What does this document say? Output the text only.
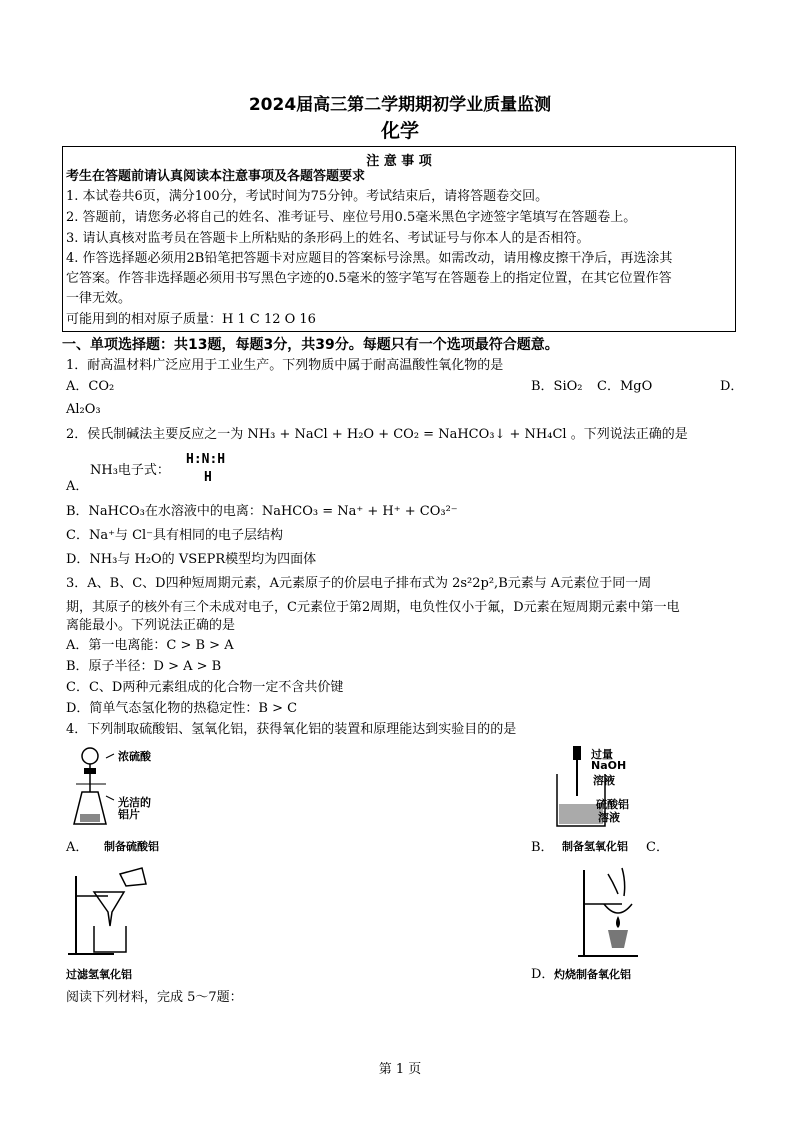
2024届高三第二学期期初学业质量监测
化学
注 意 事 项
考生在答题前请认真阅读本注意事项及各题答题要求
1. 本试卷共6页，满分100分，考试时间为75分钟。考试结束后，请将答题卷交回。
2. 答题前，请您务必将自己的姓名、准考证号、座位号用0.5毫米黑色字迹签字笔填写在答题卷上。
3. 请认真核对监考员在答题卡上所粘贴的条形码上的姓名、考试证号与你本人的是否相符。
4. 作答选择题必须用2B铅笔把答题卡对应题目的答案标号涂黑。如需改动，请用橡皮擦干净后，再选涂其
它答案。作答非选择题必须用书写黑色字迹的0.5毫米的签字笔写在答题卷上的指定位置，在其它位置作答
一律无效。
可能用到的相对原子质量：H 1 C 12 O 16
一、单项选择题：共13题，每题3分，共39分。每题只有一个选项最符合题意。
1．耐高温材料广泛应用于工业生产。下列物质中属于耐高温酸性氧化物的是
A．CO₂	B．SiO₂ C．MgO	D．
Al₂O₃
2．侯氏制碱法主要反应之一为 NH₃ + NaCl + H₂O + CO₂ = NaHCO₃↓ + NH₄Cl 。下列说法正确的是
A．
NH₃电子式：
H:N:H
H
B．NaHCO₃在水溶液中的电离：NaHCO₃ = Na⁺ + H⁺ + CO₃²⁻
C．Na⁺与 Cl⁻具有相同的电子层结构
D．NH₃与 H₂O的 VSEPR模型均为四面体
3．A、B、C、D四种短周期元素，A元素原子的价层电子排布式为 2s²2p²,B元素与 A元素位于同一周
期，其原子的核外有三个未成对电子，C元素位于第2周期，电负性仅小于氟，D元素在短周期元素中第一电
离能最小。下列说法正确的是
A．第一电离能：C > B > A
B．原子半径：D > A > B
C．C、D两种元素组成的化合物一定不含共价键
D．简单气态氢化物的热稳定性：B > C
4．下列制取硫酸铝、氢氧化铝，获得氧化铝的装置和原理能达到实验目的的是
A．
浓硫酸
光洁的
铝片
制备硫酸铝
过量
NaOH
溶液
硫酸铝
溶液
B． 制备氢氧化铝 C．
过滤氢氧化铝	D． 灼烧制备氧化铝
阅读下列材料，完成 5～7题：
第 1 页
